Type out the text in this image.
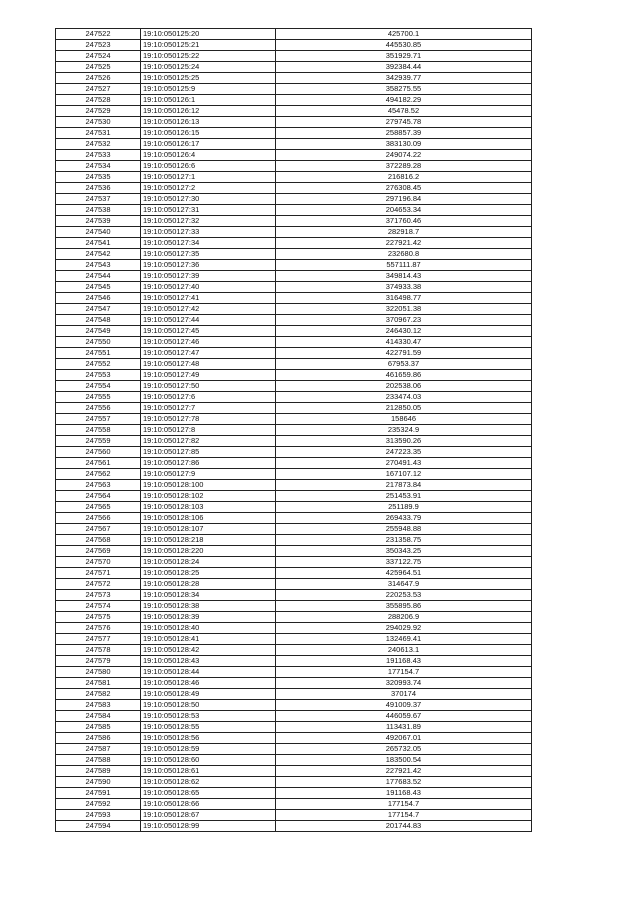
247522	19:10:050125:20	425700.1
247523	19:10:050125:21	445530.85
247524	19:10:050125:22	351929.71
247525	19:10:050125:24	392384.44
247526	19:10:050125:25	342939.77
247527	19:10:050125:9	358275.55
247528	19:10:050126:1	494182.29
247529	19:10:050126:12	45478.52
247530	19:10:050126:13	279745.78
247531	19:10:050126:15	258857.39
247532	19:10:050126:17	383130.09
247533	19:10:050126:4	249074.22
247534	19:10:050126:6	372289.28
247535	19:10:050127:1	216816.2
247536	19:10:050127:2	276308.45
247537	19:10:050127:30	297196.84
247538	19:10:050127:31	204653.34
247539	19:10:050127:32	371760.46
247540	19:10:050127:33	282918.7
247541	19:10:050127:34	227921.42
247542	19:10:050127:35	232680.8
247543	19:10:050127:36	557111.87
247544	19:10:050127:39	349814.43
247545	19:10:050127:40	374933.38
247546	19:10:050127:41	316498.77
247547	19:10:050127:42	322051.38
247548	19:10:050127:44	370967.23
247549	19:10:050127:45	246430.12
247550	19:10:050127:46	414330.47
247551	19:10:050127:47	422791.59
247552	19:10:050127:48	67953.37
247553	19:10:050127:49	461659.86
247554	19:10:050127:50	202538.06
247555	19:10:050127:6	233474.03
247556	19:10:050127:7	212850.05
247557	19:10:050127:78	158646
247558	19:10:050127:8	235324.9
247559	19:10:050127:82	313590.26
247560	19:10:050127:85	247223.35
247561	19:10:050127:86	270491.43
247562	19:10:050127:9	167107.12
247563	19:10:050128:100	217873.84
247564	19:10:050128:102	251453.91
247565	19:10:050128:103	251189.9
247566	19:10:050128:106	269433.79
247567	19:10:050128:107	255948.88
247568	19:10:050128:218	231358.75
247569	19:10:050128:220	350343.25
247570	19:10:050128:24	337122.75
247571	19:10:050128:25	425964.51
247572	19:10:050128:28	314647.9
247573	19:10:050128:34	220253.53
247574	19:10:050128:38	355895.86
247575	19:10:050128:39	288206.9
247576	19:10:050128:40	294029.92
247577	19:10:050128:41	132469.41
247578	19:10:050128:42	240613.1
247579	19:10:050128:43	191168.43
247580	19:10:050128:44	177154.7
247581	19:10:050128:46	320993.74
247582	19:10:050128:49	370174
247583	19:10:050128:50	491009.37
247584	19:10:050128:53	446059.67
247585	19:10:050128:55	113431.89
247586	19:10:050128:56	492067.01
247587	19:10:050128:59	265732.05
247588	19:10:050128:60	183500.54
247589	19:10:050128:61	227921.42
247590	19:10:050128:62	177683.52
247591	19:10:050128:65	191168.43
247592	19:10:050128:66	177154.7
247593	19:10:050128:67	177154.7
247594	19:10:050128:99	201744.83
